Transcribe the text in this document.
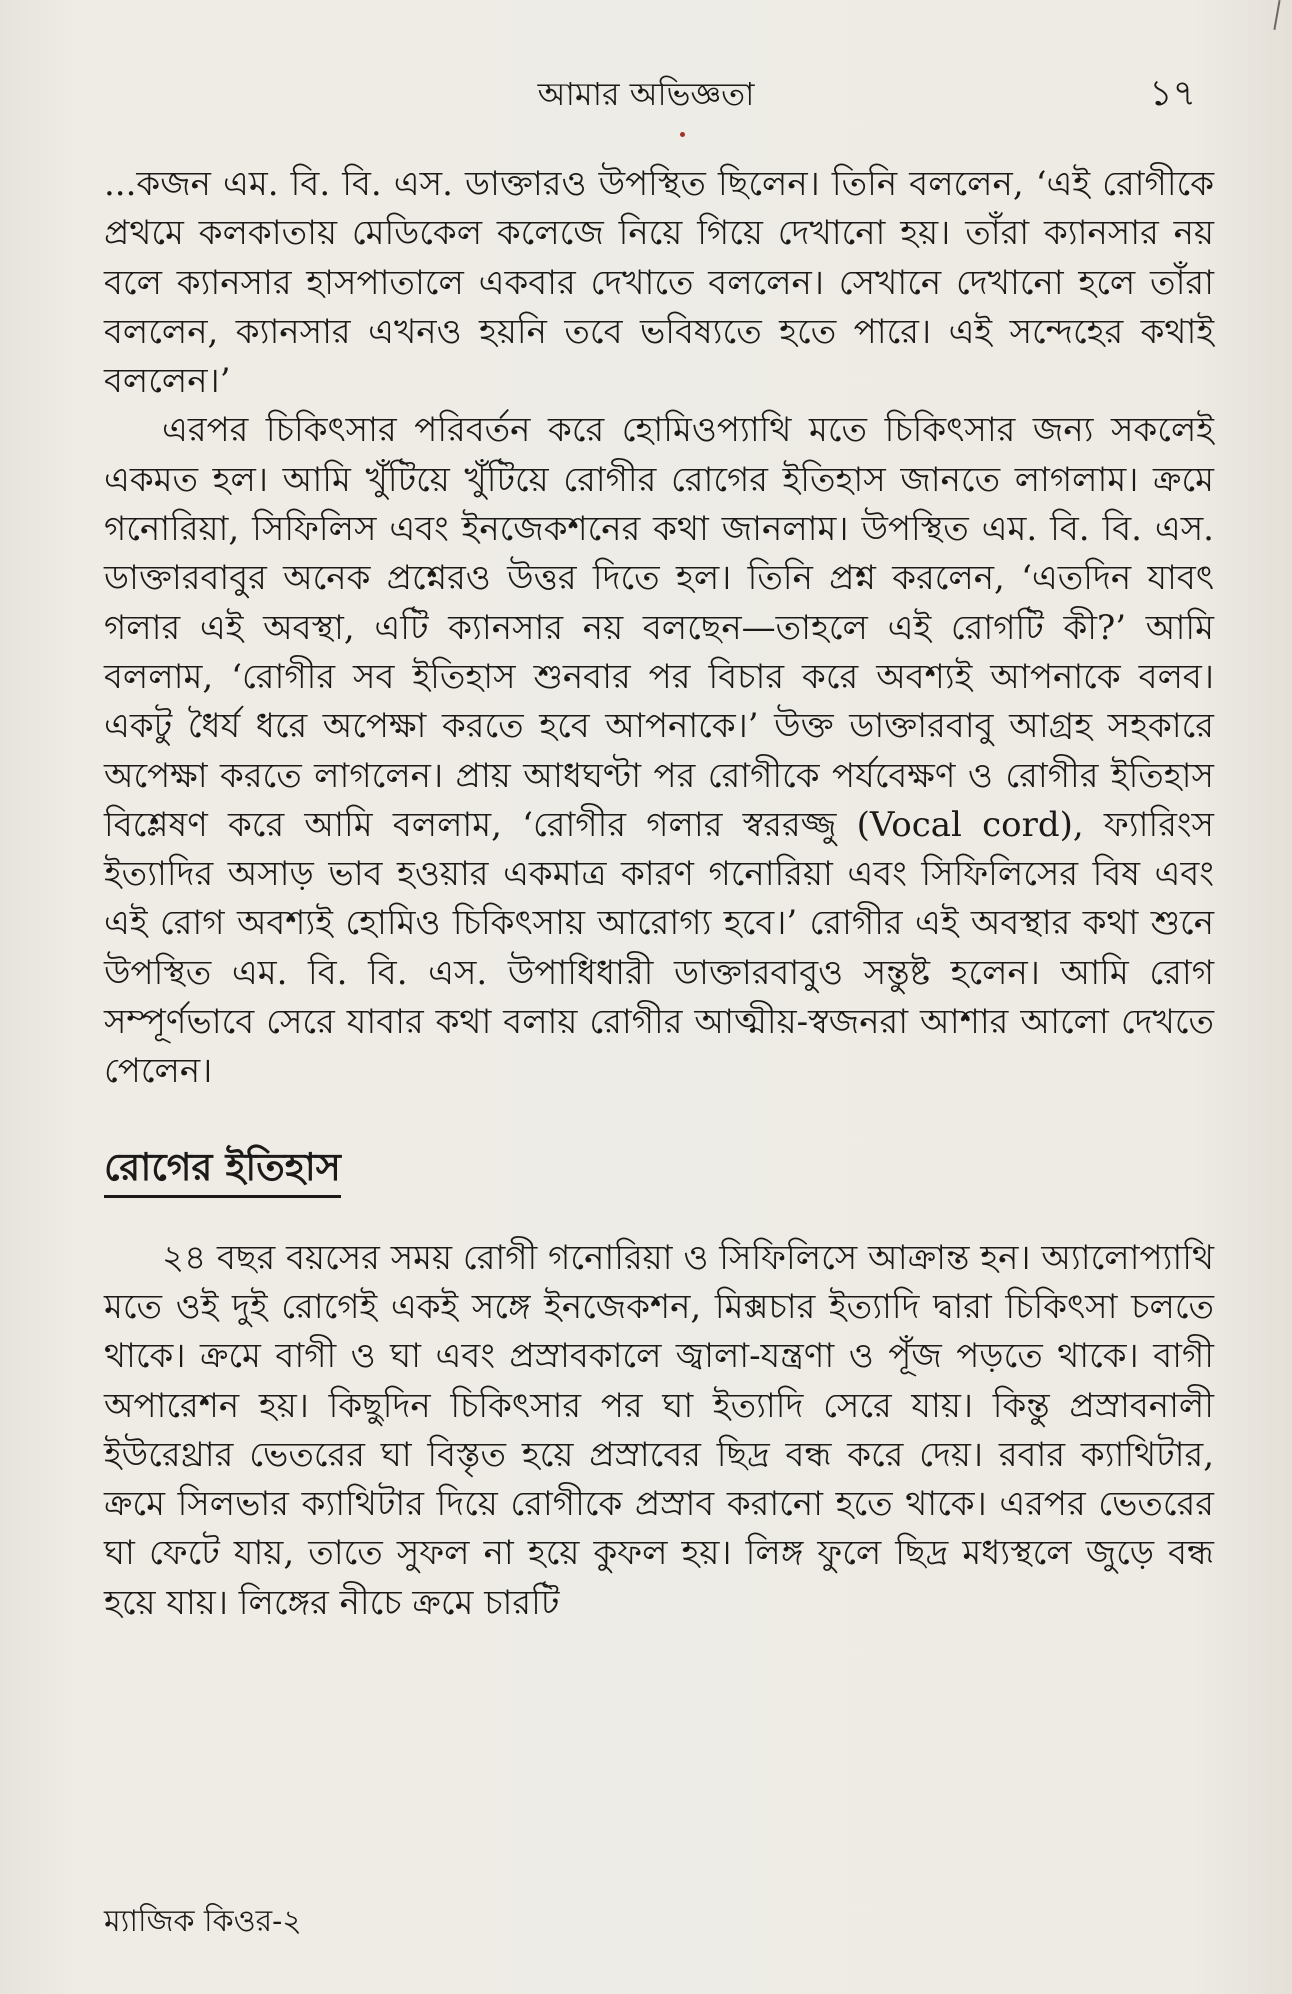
আমার অভিজ্ঞতা	১৭

...কজন এম. বি. বি. এস. ডাক্তারও উপস্থিত ছিলেন। তিনি বললেন, ‘এই রোগীকে প্রথমে কলকাতায় মেডিকেল কলেজে নিয়ে গিয়ে দেখানো হয়। তাঁরা ক্যানসার নয় বলে ক্যানসার হাসপাতালে একবার দেখাতে বললেন। সেখানে দেখানো হলে তাঁরা বললেন, ক্যানসার এখনও হয়নি তবে ভবিষ্যতে হতে পারে। এই সন্দেহের কথাই বললেন।’

এরপর চিকিৎসার পরিবর্তন করে হোমিওপ্যাথি মতে চিকিৎসার জন্য সকলেই একমত হল। আমি খুঁটিয়ে খুঁটিয়ে রোগীর রোগের ইতিহাস জানতে লাগলাম। ক্রমে গনোরিয়া, সিফিলিস এবং ইনজেকশনের কথা জানলাম। উপস্থিত এম. বি. বি. এস. ডাক্তারবাবুর অনেক প্রশ্নেরও উত্তর দিতে হল। তিনি প্রশ্ন করলেন, ‘এতদিন যাবৎ গলার এই অবস্থা, এটি ক্যানসার নয় বলছেন—তাহলে এই রোগটি কী?’ আমি বললাম, ‘রোগীর সব ইতিহাস শুনবার পর বিচার করে অবশ্যই আপনাকে বলব। একটু ধৈর্য ধরে অপেক্ষা করতে হবে আপনাকে।’ উক্ত ডাক্তারবাবু আগ্রহ সহকারে অপেক্ষা করতে লাগলেন। প্রায় আধঘণ্টা পর রোগীকে পর্যবেক্ষণ ও রোগীর ইতিহাস বিশ্লেষণ করে আমি বললাম, ‘রোগীর গলার স্বররজ্জু (Vocal cord), ফ্যারিংস ইত্যাদির অসাড় ভাব হওয়ার একমাত্র কারণ গনোরিয়া এবং সিফিলিসের বিষ এবং এই রোগ অবশ্যই হোমিও চিকিৎসায় আরোগ্য হবে।’ রোগীর এই অবস্থার কথা শুনে উপস্থিত এম. বি. বি. এস. উপাধিধারী ডাক্তারবাবুও সন্তুষ্ট হলেন। আমি রোগ সম্পূর্ণভাবে সেরে যাবার কথা বলায় রোগীর আত্মীয়-স্বজনরা আশার আলো দেখতে পেলেন।

রোগের ইতিহাস

২৪ বছর বয়সের সময় রোগী গনোরিয়া ও সিফিলিসে আক্রান্ত হন। অ্যালোপ্যাথি মতে ওই দুই রোগেই একই সঙ্গে ইনজেকশন, মিক্সচার ইত্যাদি দ্বারা চিকিৎসা চলতে থাকে। ক্রমে বাগী ও ঘা এবং প্রস্রাবকালে জ্বালা-যন্ত্রণা ও পূঁজ পড়তে থাকে। বাগী অপারেশন হয়। কিছুদিন চিকিৎসার পর ঘা ইত্যাদি সেরে যায়। কিন্তু প্রস্রাবনালী ইউরেথ্রার ভেতরের ঘা বিস্তৃত হয়ে প্রস্রাবের ছিদ্র বন্ধ করে দেয়। রবার ক্যাথিটার, ক্রমে সিলভার ক্যাথিটার দিয়ে রোগীকে প্রস্রাব করানো হতে থাকে। এরপর ভেতরের ঘা ফেটে যায়, তাতে সুফল না হয়ে কুফল হয়। লিঙ্গ ফুলে ছিদ্র মধ্যস্থলে জুড়ে বন্ধ হয়ে যায়। লিঙ্গের নীচে ক্রমে চারটি

ম্যাজিক কিওর-২
